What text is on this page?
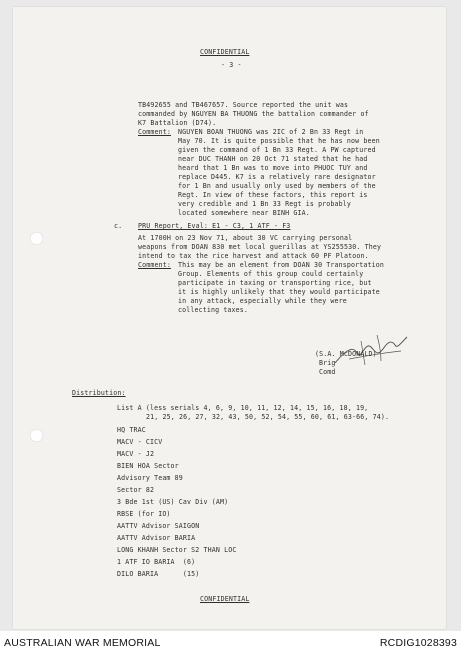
CONFIDENTIAL
- 3 -
TB492655 and TB467657. Source reported the unit was
commanded by NGUYEN BA THUONG the battalion commander of
K7 Battalion (D74).
Comment: NGUYEN BOAN THUONG was 2IC of 2 Bn 33 Regt in
May 70. It is quite possible that he has now been
given the command of 1 Bn 33 Regt. A PW captured
near DUC THANH on 20 Oct 71 stated that he had
heard that 1 Bn was to move into PHUOC TUY and
replace D445. K7 is a relatively rare designator
for 1 Bn and usually only used by members of the
Regt. In view of these factors, this report is
very credible and 1 Bn 33 Regt is probably
located somewhere near BINH GIA.
c. PRU Report, Eval: E1 - C3, 1 ATF - F3
At 1700H on 23 Nov 71, about 30 VC carrying personal
weapons from DOAN 830 met local guerillas at YS255530. They
intend to tax the rice harvest and attack 60 PF Platoon.
Comment: This may be an element from DOAN 30 Transportation
Group. Elements of this group could certainly
participate in taxing or transporting rice, but
it is highly unlikely that they would participate
in any attack, especially while they were
collecting taxes.
(S.A. McDONALD)
Brig
Comd
Distribution:
List A (less serials 4, 6, 9, 10, 11, 12, 14, 15, 16, 18, 19,
21, 25, 26, 27, 32, 43, 50, 52, 54, 55, 60, 61, 63-66, 74).
HQ TRAC
MACV - CICV
MACV - J2
BIEN HOA Sector
Advisory Team 89
Sector 82
3 Bde 1st (US) Cav Div (AM)
RBSE (for IO)
AATTV Advisor SAIGON
AATTV Advisor BARIA
LONG KHANH Sector S2 THAN LOC
1 ATF IO BARIA  (6)
DILO BARIA      (15)
CONFIDENTIAL
AUSTRALIAN WAR MEMORIAL	RCDIG1028393
